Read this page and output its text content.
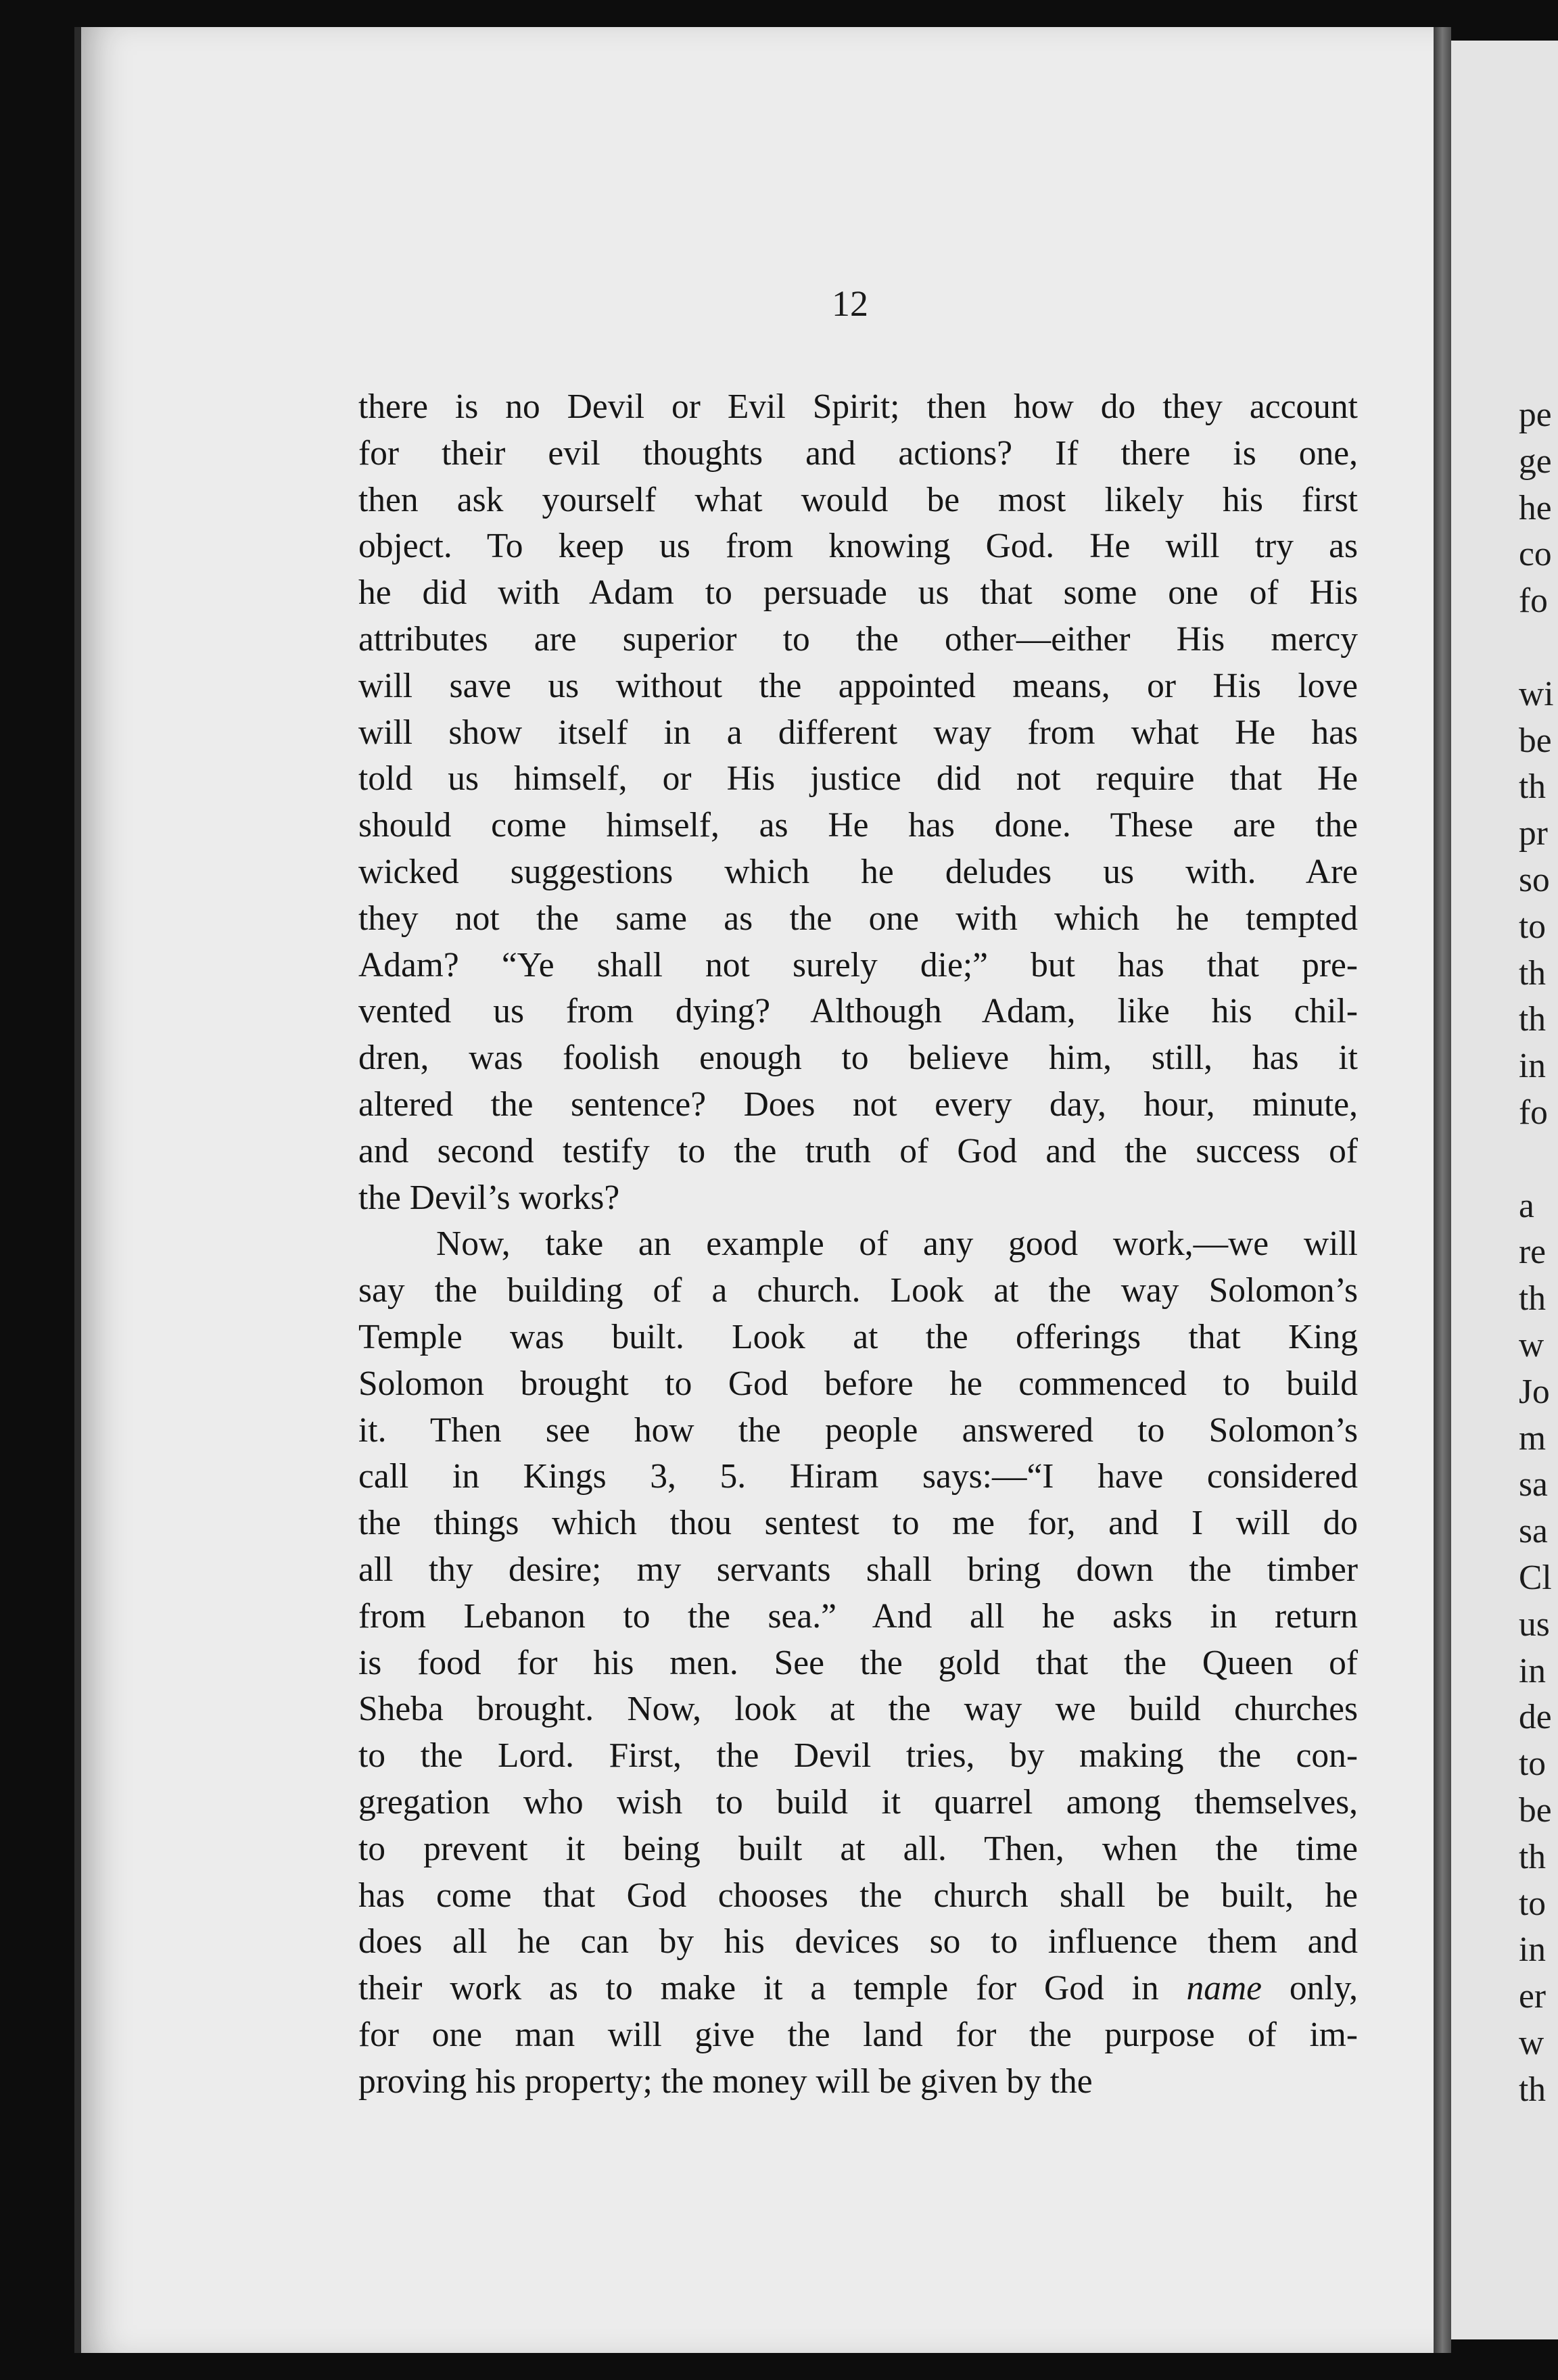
12
there is no Devil or Evil Spirit; then how do they account
for their evil thoughts and actions? If there is one,
then ask yourself what would be most likely his first
object. To keep us from knowing God. He will try as
he did with Adam to persuade us that some one of His
attributes are superior to the other—either His mercy
will save us without the appointed means, or His love
will show itself in a different way from what He has
told us himself, or His justice did not require that He
should come himself, as He has done. These are the
wicked suggestions which he deludes us with. Are
they not the same as the one with which he tempted
Adam? “Ye shall not surely die;” but has that pre-
vented us from dying? Although Adam, like his chil-
dren, was foolish enough to believe him, still, has it
altered the sentence? Does not every day, hour, minute,
and second testify to the truth of God and the success of
the Devil’s works?
Now, take an example of any good work,—we will
say the building of a church. Look at the way Solomon’s
Temple was built. Look at the offerings that King
Solomon brought to God before he commenced to build
it. Then see how the people answered to Solomon’s
call in Kings 3, 5. Hiram says:—“I have considered
the things which thou sentest to me for, and I will do
all thy desire; my servants shall bring down the timber
from Lebanon to the sea.” And all he asks in return
is food for his men. See the gold that the Queen of
Sheba brought. Now, look at the way we build churches
to the Lord. First, the Devil tries, by making the con-
gregation who wish to build it quarrel among themselves,
to prevent it being built at all. Then, when the time
has come that God chooses the church shall be built, he
does all he can by his devices so to influence them and
their work as to make it a temple for God in name only,
for one man will give the land for the purpose of im-
proving his property; the money will be given by the
pe
ge
he
co
fo
wi
be
th
pr
so
to
th
th
in
fo
a
re
th
w
Jo
m
sa
sa
Cl
us
in
de
to
be
th
to
in
er
w
th
